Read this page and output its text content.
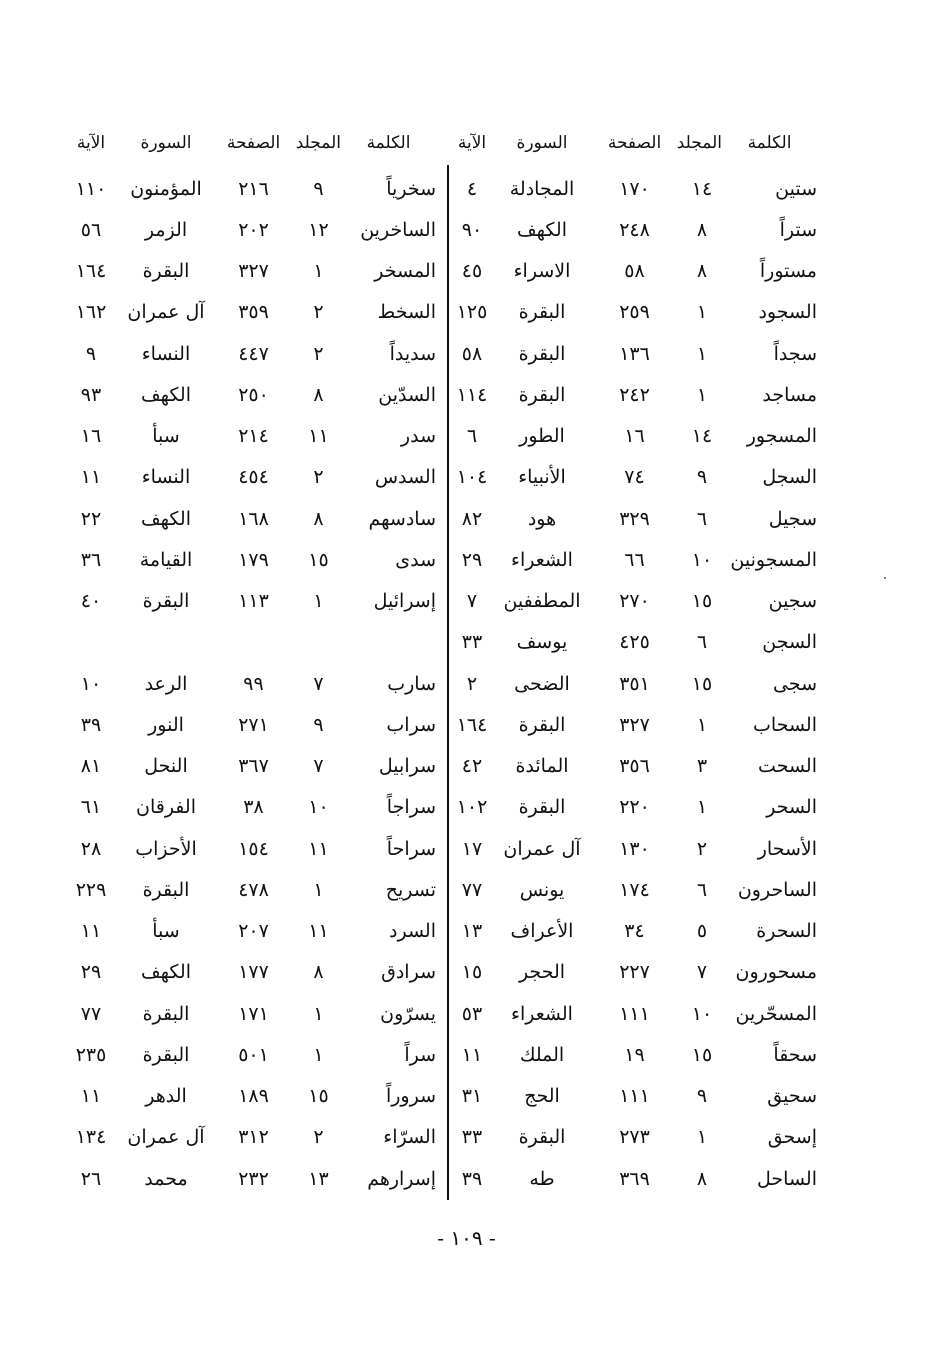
الكلمة
المجلد
الصفحة
السورة
الآية
الكلمة
المجلد
الصفحة
السورة
الآية
ستين
١٤
١٧٠
المجادلة
٤
ستراً
٨
٢٤٨
الكهف
٩٠
مستوراً
٨
٥٨
الاسراء
٤٥
السجود
١
٢٥٩
البقرة
١٢٥
سجداً
١
١٣٦
البقرة
٥٨
مساجد
١
٢٤٢
البقرة
١١٤
المسجور
١٤
١٦
الطور
٦
السجل
٩
٧٤
الأنبياء
١٠٤
سجيل
٦
٣٢٩
هود
٨٢
المسجونين
١٠
٦٦
الشعراء
٢٩
سجين
١٥
٢٧٠
المطففين
٧
السجن
٦
٤٢٥
يوسف
٣٣
سجى
١٥
٣٥١
الضحى
٢
السحاب
١
٣٢٧
البقرة
١٦٤
السحت
٣
٣٥٦
المائدة
٤٢
السحر
١
٢٢٠
البقرة
١٠٢
الأسحار
٢
١٣٠
آل عمران
١٧
الساحرون
٦
١٧٤
يونس
٧٧
السحرة
٥
٣٤
الأعراف
١٣
مسحورون
٧
٢٢٧
الحجر
١٥
المسحّرين
١٠
١١١
الشعراء
٥٣
سحقاً
١٥
١٩
الملك
١١
سحيق
٩
١١١
الحج
٣١
إسحق
١
٢٧٣
البقرة
٣٣
الساحل
٨
٣٦٩
طه
٣٩
سخرياً
٩
٢١٦
المؤمنون
١١٠
الساخرين
١٢
٢٠٢
الزمر
٥٦
المسخر
١
٣٢٧
البقرة
١٦٤
السخط
٢
٣٥٩
آل عمران
١٦٢
سديداً
٢
٤٤٧
النساء
٩
السدّين
٨
٢٥٠
الكهف
٩٣
سدر
١١
٢١٤
سبأ
١٦
السدس
٢
٤٥٤
النساء
١١
سادسهم
٨
١٦٨
الكهف
٢٢
سدى
١٥
١٧٩
القيامة
٣٦
إسرائيل
١
١١٣
البقرة
٤٠
سارب
٧
٩٩
الرعد
١٠
سراب
٩
٢٧١
النور
٣٩
سرابيل
٧
٣٦٧
النحل
٨١
سراجاً
١٠
٣٨
الفرقان
٦١
سراحاً
١١
١٥٤
الأحزاب
٢٨
تسريح
١
٤٧٨
البقرة
٢٢٩
السرد
١١
٢٠٧
سبأ
١١
سرادق
٨
١٧٧
الكهف
٢٩
يسرّون
١
١٧١
البقرة
٧٧
سراً
١
٥٠١
البقرة
٢٣٥
سروراً
١٥
١٨٩
الدهر
١١
السرّاء
٢
٣١٢
آل عمران
١٣٤
إسرارهم
١٣
٢٣٢
محمد
٢٦
- ١٠٩ -
